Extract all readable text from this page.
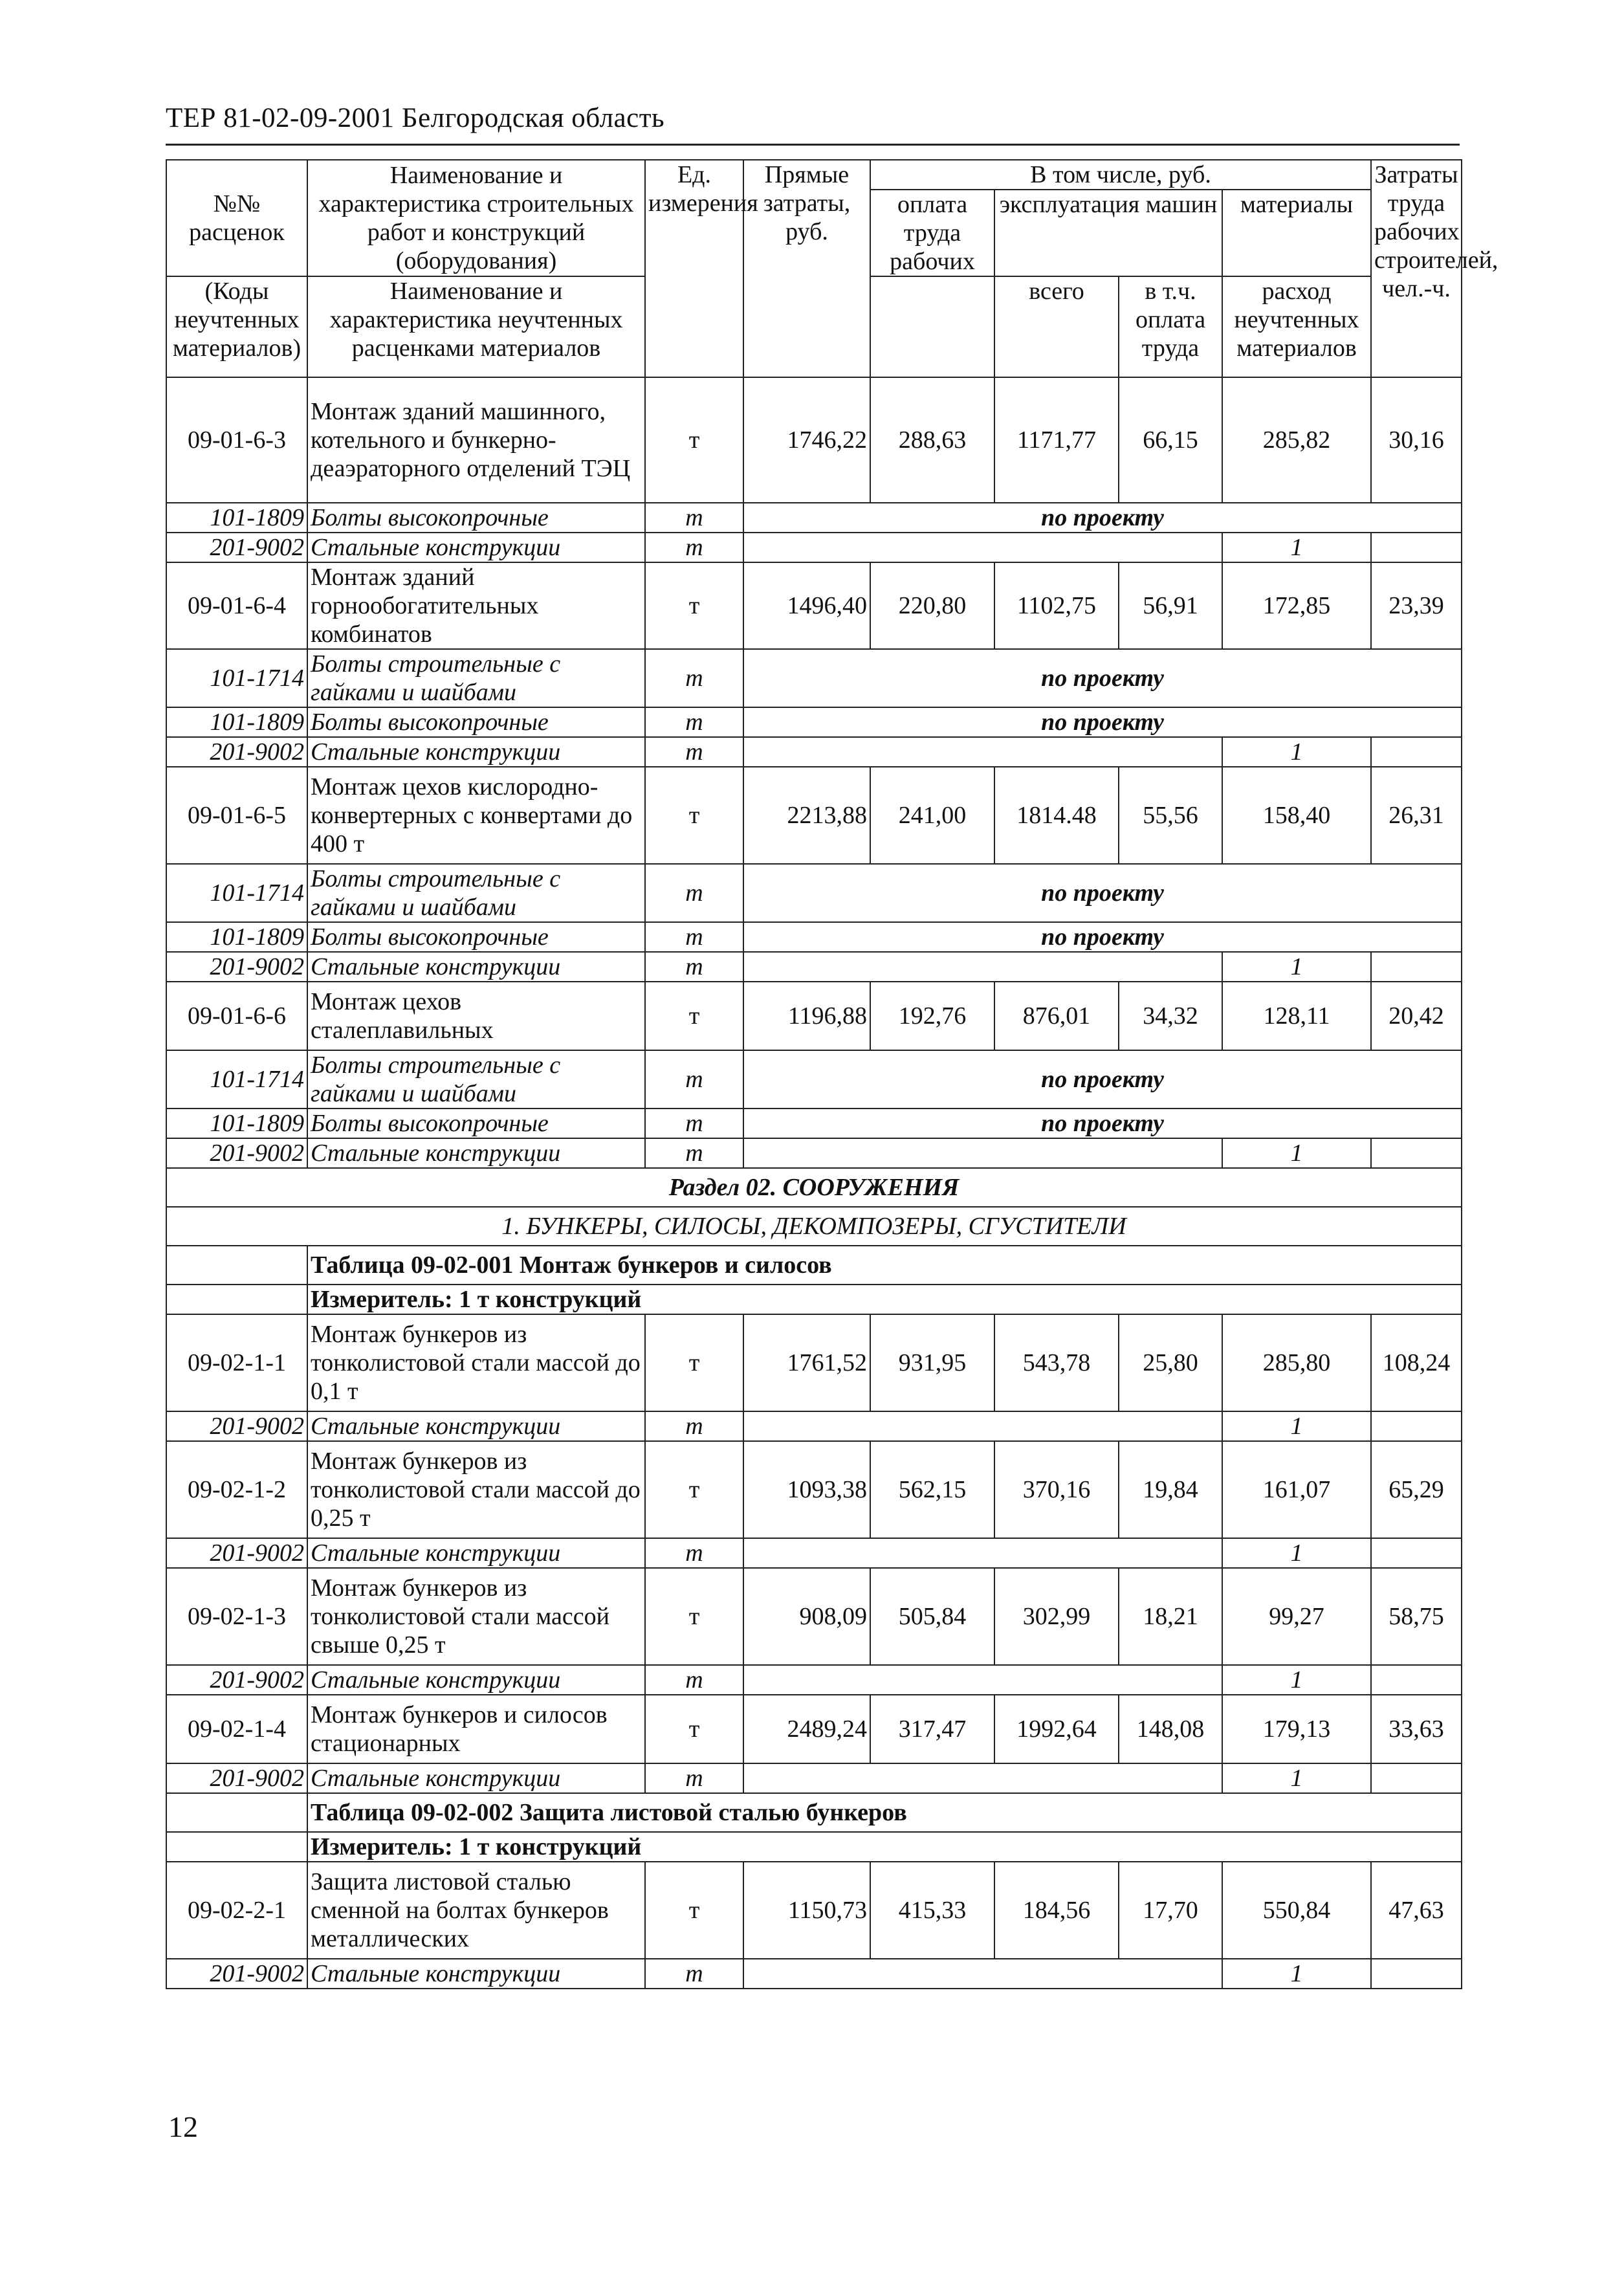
ТЕР 81-02-09-2001 Белгородская область
№№ расценок	Наименование и характеристика строительных работ и конструкций (оборудования)	Ед. измерения	Прямые затраты, руб.	В том числе, руб.				Затраты труда рабочих строителей, чел.-ч.
				оплата труда рабочих	эксплуатация машин		материалы	

(Коды неучтенных материалов)	Наименование и характеристика неучтенных расценками материалов				всего	в т.ч. оплата труда	расход неучтенных материалов	

09-01-6-3	Монтаж зданий машинного, котельного и бункерно-деаэраторного отделений ТЭЦ	т	1746,22	288,63	1171,77	66,15	285,82	30,16
101-1809	Болты высокопрочные	т	по проекту					
201-9002	Стальные конструкции	т					1	
09-01-6-4	Монтаж зданий горнообогатительных комбинатов	т	1496,40	220,80	1102,75	56,91	172,85	23,39
101-1714	Болты строительные с гайками и шайбами	т	по проекту					
101-1809	Болты высокопрочные	т	по проекту					
201-9002	Стальные конструкции	т					1	
09-01-6-5	Монтаж цехов кислородно-конвертерных с конвертами до 400 т	т	2213,88	241,00	1814.48	55,56	158,40	26,31
101-1714	Болты строительные с гайками и шайбами	т	по проекту					
101-1809	Болты высокопрочные	т	по проекту					
201-9002	Стальные конструкции	т					1	
09-01-6-6	Монтаж цехов сталеплавильных	т	1196,88	192,76	876,01	34,32	128,11	20,42
101-1714	Болты строительные с гайками и шайбами	т	по проекту					
101-1809	Болты высокопрочные	т	по проекту					
201-9002	Стальные конструкции	т					1	
Раздел 02. СООРУЖЕНИЯ								
1. БУНКЕРЫ, СИЛОСЫ, ДЕКОМПОЗЕРЫ, СГУСТИТЕЛИ								
	Таблица 09-02-001 Монтаж бункеров и силосов							
	Измеритель: 1 т конструкций							
09-02-1-1	Монтаж бункеров из тонколистовой стали массой до 0,1 т	т	1761,52	931,95	543,78	25,80	285,80	108,24
201-9002	Стальные конструкции	т					1	
09-02-1-2	Монтаж бункеров из тонколистовой стали массой до 0,25 т	т	1093,38	562,15	370,16	19,84	161,07	65,29
201-9002	Стальные конструкции	т					1	
09-02-1-3	Монтаж бункеров из тонколистовой стали массой свыше 0,25 т	т	908,09	505,84	302,99	18,21	99,27	58,75
201-9002	Стальные конструкции	т					1	
09-02-1-4	Монтаж бункеров и силосов стационарных	т	2489,24	317,47	1992,64	148,08	179,13	33,63
201-9002	Стальные конструкции	т					1	
	Таблица 09-02-002 Защита листовой сталью бункеров							
	Измеритель: 1 т конструкций							
09-02-2-1	Защита листовой сталью сменной на болтах бункеров металлических	т	1150,73	415,33	184,56	17,70	550,84	47,63
201-9002	Стальные конструкции	т					1	
12
